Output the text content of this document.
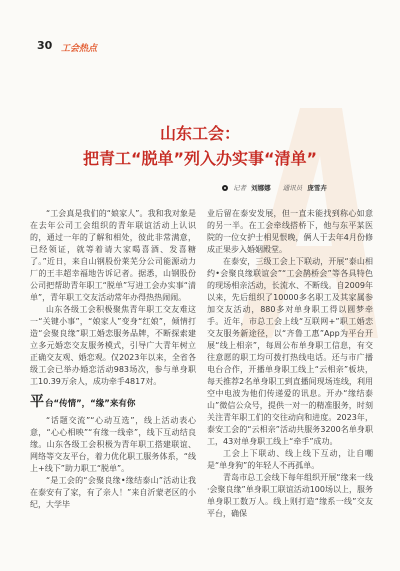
30 工会热点
山东工会：
把青工“脱单”列入办实事“清单”
记者 刘娜娜 通讯员 庞雪卉

“工会真是我们的“娘家人”。我和我对象是在去年公司工会组织的青年联谊活动上认识的，通过一年的了解和相处，彼此非常满意，已经领证，就等着请大家喝喜酒、发喜糖了。”近日，来自山钢股份莱芜分公司能源动力厂的王丰超幸福地告诉记者。据悉，山钢股份公司把帮助青年职工“脱单”写进工会办实事“清单”，青年职工交友活动常年办得热热闹闹。

山东各级工会积极聚焦青年职工交友难这一“关键小事”，“娘家人”变身“红娘”，倾情打造“会聚良缘”职工婚恋服务品牌，不断探索建立多元婚恋交友服务模式，引导广大青年树立正确交友观、婚恋观。仅2023年以来，全省各级工会已举办婚恋活动983场次，参与单身职工10.39万余人，成功牵手4817对。

平台“传情”，“缘”来有你

“话题交流”“心动互选”，线上活动表心意，“心心相映”“有缘一线牵”，线下互动结良缘。山东各级工会积极为青年职工搭建联谊、网络等交友平台，着力优化职工服务体系，“线上+线下”助力职工“脱单”。

“是工会的“会聚良缘•缘结泰山”活动让我在泰安有了家，有了亲人！”来自沂蒙老区的小纪，大学毕

业后留在泰安发展，但一直未能找到称心如意的另一半。在工会牵线搭桥下，他与东平某医院的一位女护士相见恨晚，俩人于去年4月份修成正果步入婚姻殿堂。

在泰安，三级工会上下联动，开展“泰山相约•会聚良缘联谊会”“工会鹊桥会”等各具特色的现场相亲活动，长流水、不断线。自2009年以来，先后组织了10000多名职工及其家属参加交友活动，880多对单身职工得以圆梦牵手。近年，市总工会上线“互联网+”职工婚恋交友服务新途径，以“齐鲁工惠”App为平台开展“线上相亲”，每周公布单身职工信息，有交往意愿的职工均可拨打热线电话。还与市广播电台合作，开播单身职工线上“云相亲”板块，每天推荐2名单身职工到直播间现场连线，利用空中电波为他们传递爱的讯息。开办“缘结泰山”微信公众号，提供一对一的精准服务，时刻关注青年职工们的交往动向和进度。2023年，泰安工会的“云相亲”活动共服务3200名单身职工，43对单身职工线上“牵手”成功。

工会上下联动、线上线下互动，让自嘲是“单身狗”的年轻人不再孤单。

青岛市总工会线下每年组织开展“缘来一线·会聚良缘”单身职工联谊活动100场以上，服务单身职工数万人。线上则打造“缘系一线”交友平台，确保
